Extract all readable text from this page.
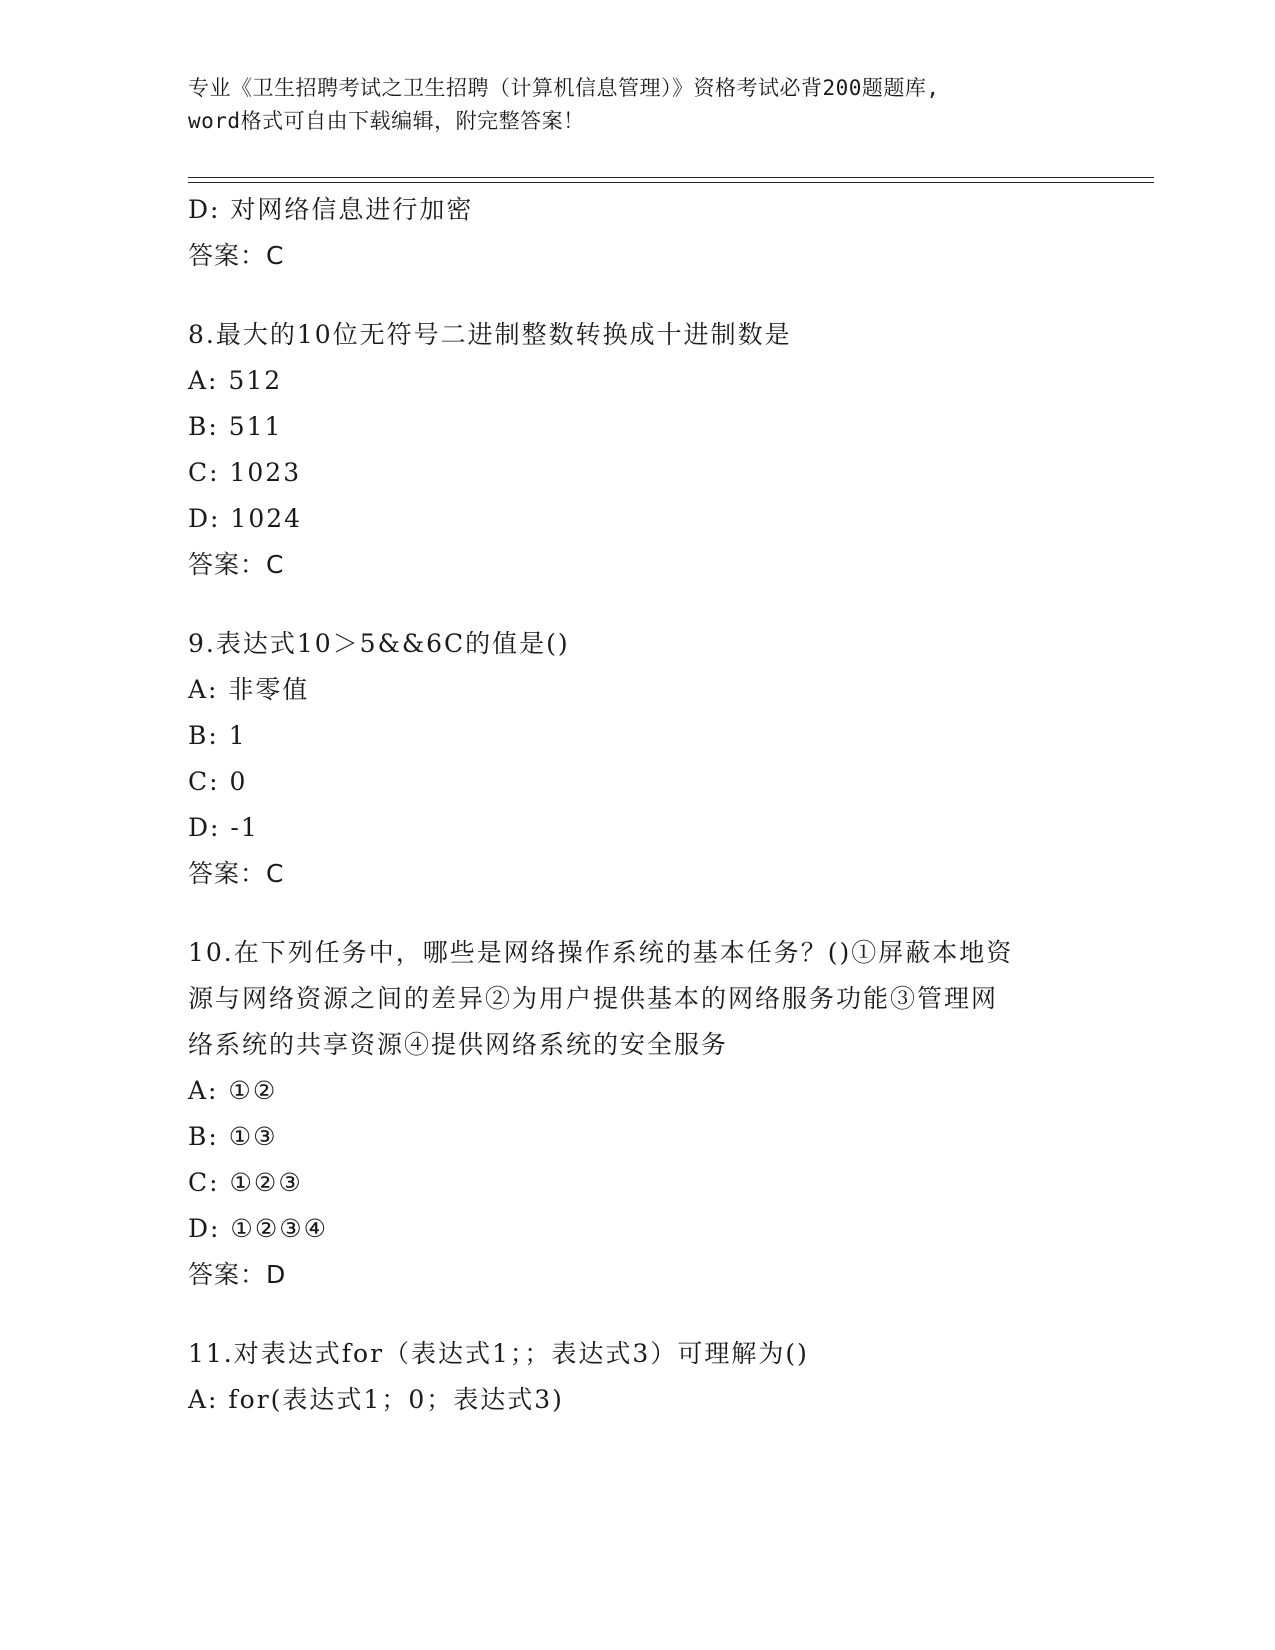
专业《卫生招聘考试之卫生招聘（计算机信息管理）》资格考试必背200题题库,
word格式可自由下载编辑，附完整答案！
D: 对网络信息进行加密
答案：C
8.最大的10位无符号二进制整数转换成十进制数是
A: 512
B: 511
C: 1023
D: 1024
答案：C
9.表达式10＞5&&6C的值是()
A: 非零值
B: 1
C: 0
D: -1
答案：C
10.在下列任务中，哪些是网络操作系统的基本任务？()①屏蔽本地资
源与网络资源之间的差异②为用户提供基本的网络服务功能③管理网
络系统的共享资源④提供网络系统的安全服务
A: ①②
B: ①③
C: ①②③
D: ①②③④
答案：D
11.对表达式for（表达式1；；表达式3）可理解为()
A: for(表达式1；0；表达式3)
